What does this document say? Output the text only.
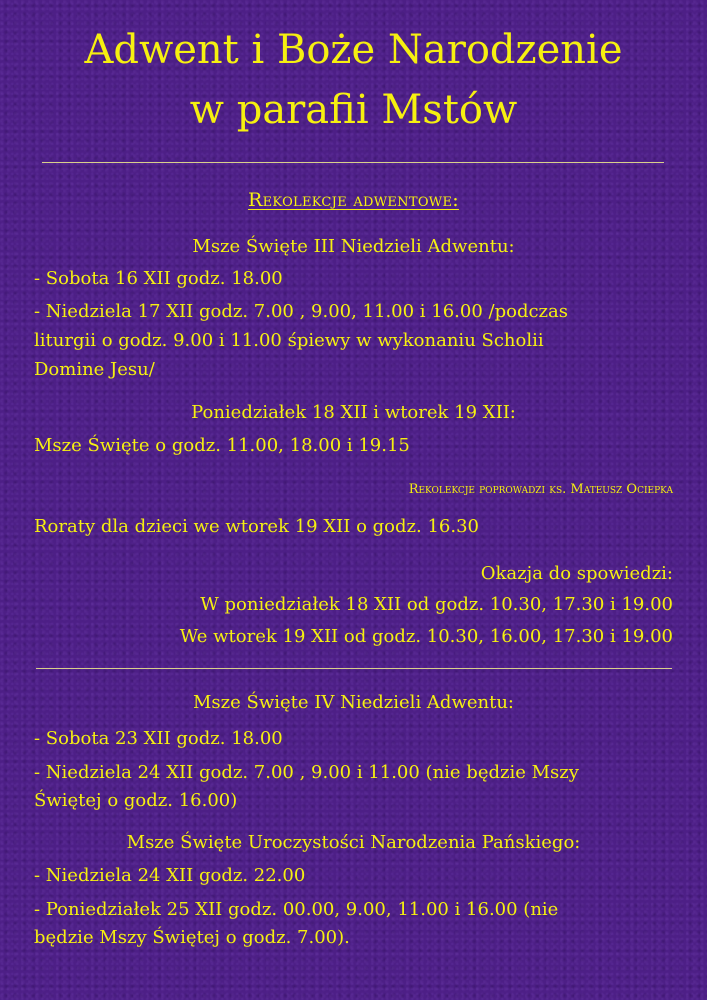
Adwent i Boże Narodzenie
w parafii Mstów
Rekolekcje adwentowe:
Msze Święte III Niedzieli Adwentu:
- Sobota 16 XII godz. 18.00
- Niedziela 17 XII godz. 7.00 , 9.00, 11.00 i 16.00 /podczas
liturgii o godz. 9.00 i 11.00 śpiewy w wykonaniu Scholii
Domine Jesu/
Poniedziałek 18 XII i wtorek 19 XII:
Msze Święte o godz. 11.00, 18.00 i 19.15
Rekolekcje poprowadzi ks. Mateusz Ociepka
Roraty dla dzieci we wtorek 19 XII o godz. 16.30
Okazja do spowiedzi:
W poniedziałek 18 XII od godz. 10.30, 17.30 i 19.00
We wtorek 19 XII od godz. 10.30, 16.00, 17.30 i 19.00
Msze Święte IV Niedzieli Adwentu:
- Sobota 23 XII godz. 18.00
- Niedziela 24 XII godz. 7.00 , 9.00 i 11.00 (nie będzie Mszy
Świętej o godz. 16.00)
Msze Święte Uroczystości Narodzenia Pańskiego:
- Niedziela 24 XII godz. 22.00
- Poniedziałek 25 XII godz. 00.00, 9.00, 11.00 i 16.00 (nie
będzie Mszy Świętej o godz. 7.00).
